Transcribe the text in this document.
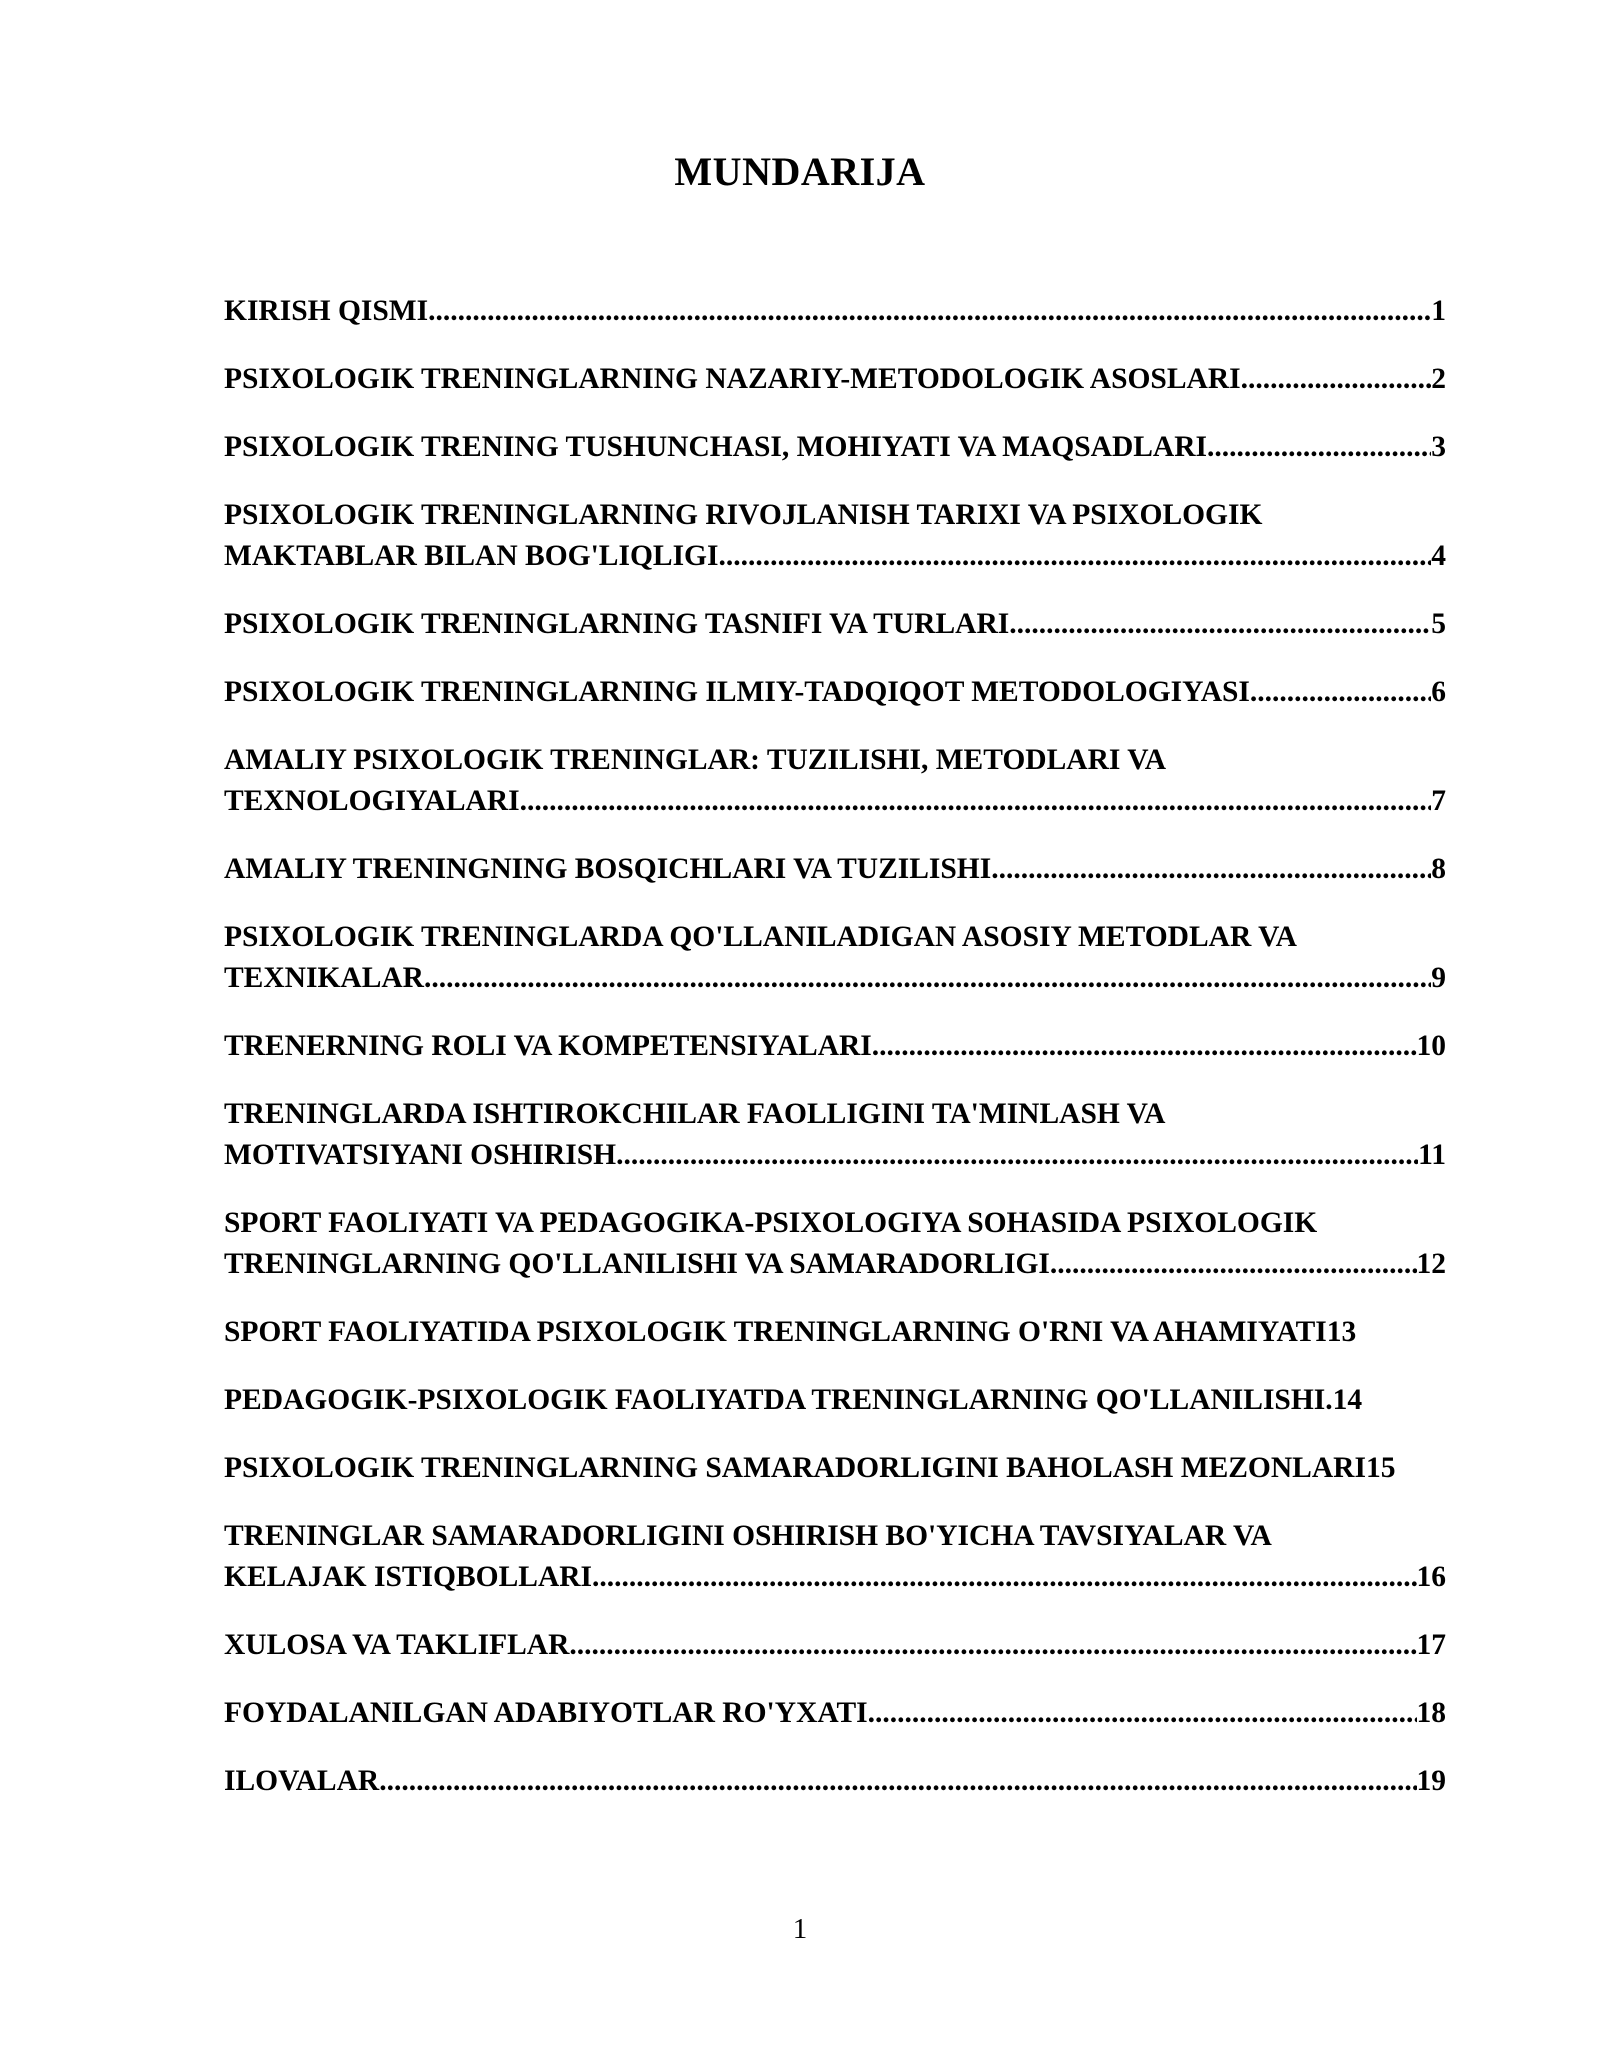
MUNDARIJA
KIRISH QISMI .....	1
PSIXOLOGIK TRENINGLARNING NAZARIY-METODOLOGIK ASOSLARI .....	2
PSIXOLOGIK TRENING TUSHUNCHASI, MOHIYATI VA MAQSADLARI .....	3
PSIXOLOGIK TRENINGLARNING RIVOJLANISH TARIXI VA PSIXOLOGIK
MAKTABLAR BILAN BOG'LIQLIGI .....	4
PSIXOLOGIK TRENINGLARNING TASNIFI VA TURLARI .....	5
PSIXOLOGIK TRENINGLARNING ILMIY-TADQIQOT METODOLOGIYASI .....	6
AMALIY PSIXOLOGIK TRENINGLAR: TUZILISHI, METODLARI VA
TEXNOLOGIYALARI .....	7
AMALIY TRENINGNING BOSQICHLARI VA TUZILISHI .....	8
PSIXOLOGIK TRENINGLARDA QO'LLANILADIGAN ASOSIY METODLAR VA
TEXNIKALAR .....	9
TRENERNING ROLI VA KOMPETENSIYALARI .....	10
TRENINGLARDA ISHTIROKCHILAR FAOLLIGINI TA'MINLASH VA
MOTIVATSIYANI OSHIRISH .....	11
SPORT FAOLIYATI VA PEDAGOGIKA-PSIXOLOGIYA SOHASIDA PSIXOLOGIK
TRENINGLARNING QO'LLANILISHI VA SAMARADORLIGI .....	12
SPORT FAOLIYATIDA PSIXOLOGIK TRENINGLARNING O'RNI VA AHAMIYATI 13
PEDAGOGIK-PSIXOLOGIK FAOLIYATDA TRENINGLARNING QO'LLANILISHI. 14
PSIXOLOGIK TRENINGLARNING SAMARADORLIGINI BAHOLASH MEZONLARI 15
TRENINGLAR SAMARADORLIGINI OSHIRISH BO'YICHA TAVSIYALAR VA
KELAJAK ISTIQBOLLARI .....	16
XULOSA VA TAKLIFLAR .....	17
FOYDALANILGAN ADABIYOTLAR RO'YXATI .....	18
ILOVALAR .....	19
1
